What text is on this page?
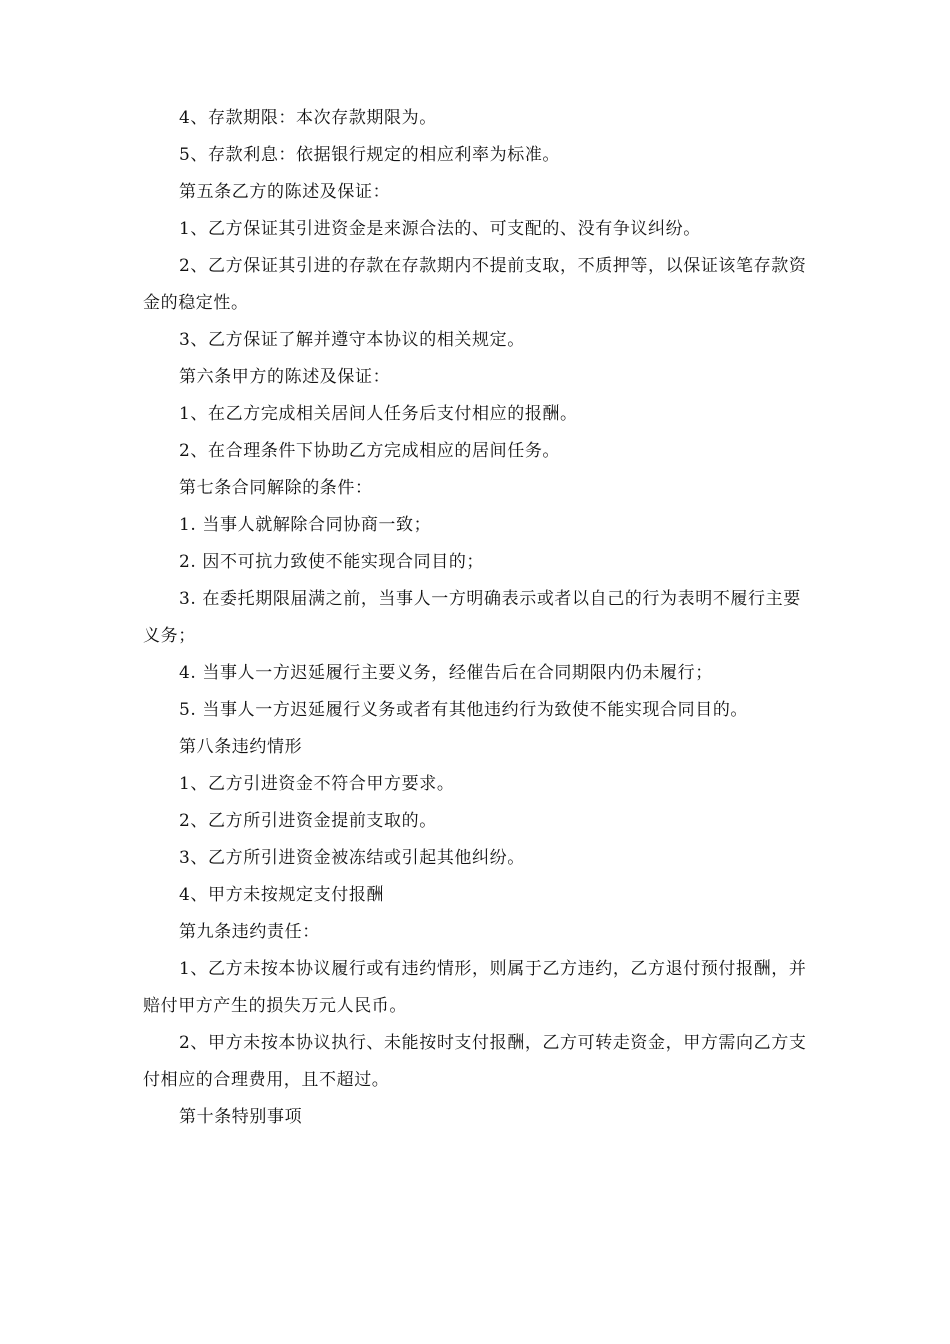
4、存款期限：本次存款期限为。

5、存款利息：依据银行规定的相应利率为标准。

第五条乙方的陈述及保证：

1、乙方保证其引进资金是来源合法的、可支配的、没有争议纠纷。

2、乙方保证其引进的存款在存款期内不提前支取，不质押等，以保证该笔存款资金的稳定性。

3、乙方保证了解并遵守本协议的相关规定。

第六条甲方的陈述及保证：

1、在乙方完成相关居间人任务后支付相应的报酬。

2、在合理条件下协助乙方完成相应的居间任务。

第七条合同解除的条件：

1. 当事人就解除合同协商一致；

2. 因不可抗力致使不能实现合同目的；

3. 在委托期限届满之前，当事人一方明确表示或者以自己的行为表明不履行主要义务；

4. 当事人一方迟延履行主要义务，经催告后在合同期限内仍未履行；

5. 当事人一方迟延履行义务或者有其他违约行为致使不能实现合同目的。

第八条违约情形

1、乙方引进资金不符合甲方要求。

2、乙方所引进资金提前支取的。

3、乙方所引进资金被冻结或引起其他纠纷。

4、甲方未按规定支付报酬

第九条违约责任：

1、乙方未按本协议履行或有违约情形，则属于乙方违约，乙方退付预付报酬，并赔付甲方产生的损失万元人民币。

2、甲方未按本协议执行、未能按时支付报酬，乙方可转走资金，甲方需向乙方支付相应的合理费用，且不超过。

第十条特别事项
